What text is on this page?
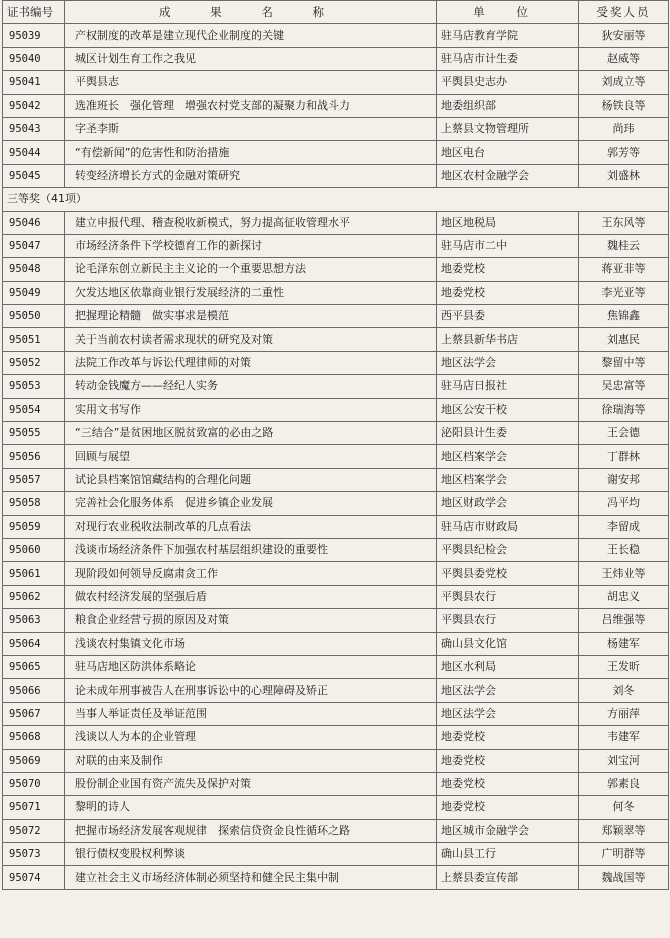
证书编号	成 果 名 称	单 位	受奖人员
95039	产权制度的改革是建立现代企业制度的关键	驻马店教育学院	狄安丽等
95040	城区计划生育工作之我见	驻马店市计生委	赵威等
95041	平舆县志	平舆县史志办	刘成立等
95042	选准班长　强化管理　增强农村党支部的凝聚力和战斗力	地委组织部	杨铁良等
95043	字圣李斯	上蔡县文物管理所	尚玮
95044	“有偿新闻”的危害性和防治措施	地区电台	郭芳等
95045	转变经济增长方式的金融对策研究	地区农村金融学会	刘盛林
三等奖（41项）			
95046	建立申报代理、稽查税收新模式，努力提高征收管理水平	地区地税局	王东风等
95047	市场经济条件下学校德育工作的新探讨	驻马店市二中	魏桂云
95048	论毛泽东创立新民主主义论的一个重要思想方法	地委党校	蒋亚非等
95049	欠发达地区依靠商业银行发展经济的二重性	地委党校	李光亚等
95050	把握理论精髓　做实事求是模范	西平县委	焦锦鑫
95051	关于当前农村读者需求现状的研究及对策	上蔡县新华书店	刘惠民
95052	法院工作改革与诉讼代理律师的对策	地区法学会	黎留中等
95053	转动金钱魔方——经纪人实务	驻马店日报社	吴忠富等
95054	实用文书写作	地区公安干校	徐瑞海等
95055	“三结合”是贫困地区脱贫致富的必由之路	泌阳县计生委	王会德
95056	回顾与展望	地区档案学会	丁群林
95057	试论县档案馆馆藏结构的合理化问题	地区档案学会	谢安邦
95058	完善社会化服务体系　促进乡镇企业发展	地区财政学会	冯平均
95059	对现行农业税收法制改革的几点看法	驻马店市财政局	李留成
95060	浅谈市场经济条件下加强农村基层组织建设的重要性	平舆县纪检会	王长稳
95061	现阶段如何领导反腐肃贪工作	平舆县委党校	王炜业等
95062	做农村经济发展的坚强后盾	平舆县农行	胡忠义
95063	粮食企业经营亏损的原因及对策	平舆县农行	吕维强等
95064	浅谈农村集镇文化市场	确山县文化馆	杨建军
95065	驻马店地区防洪体系略论	地区水利局	王发昕
95066	论未成年刑事被告人在刑事诉讼中的心理障碍及矫正	地区法学会	刘冬
95067	当事人举证责任及举证范围	地区法学会	方丽萍
95068	浅谈以人为本的企业管理	地委党校	韦建军
95069	对联的由来及制作	地委党校	刘宝河
95070	股份制企业国有资产流失及保护对策	地委党校	郭素良
95071	黎明的诗人	地委党校	何冬
95072	把握市场经济发展客观规律　探索信贷资金良性循环之路	地区城市金融学会	郑颖翠等
95073	银行债权变股权利弊谈	确山县工行	广明群等
95074	建立社会主义市场经济体制必须坚持和健全民主集中制	上蔡县委宣传部	魏战国等
